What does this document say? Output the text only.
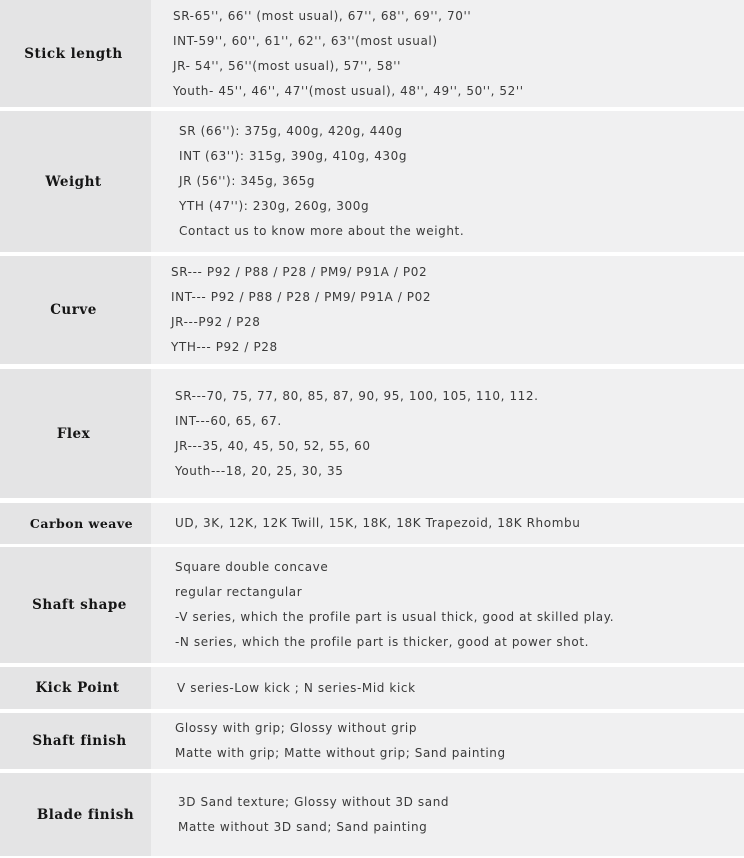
Stick length
SR-65'', 66'' (most usual), 67'', 68'', 69'', 70''
INT-59'', 60'', 61'', 62'', 63''(most usual)
JR- 54'', 56''(most usual), 57'', 58''
Youth- 45'', 46'', 47''(most usual), 48'', 49'', 50'', 52''
Weight
SR (66''): 375g, 400g, 420g, 440g
INT (63''): 315g, 390g, 410g, 430g
JR (56''): 345g, 365g
YTH (47''): 230g, 260g, 300g
Contact us to know more about the weight.
Curve
SR--- P92 / P88 / P28 / PM9/ P91A / P02
INT--- P92 / P88 / P28 / PM9/ P91A / P02
JR---P92 / P28
YTH--- P92 / P28
Flex
SR---70, 75, 77, 80, 85, 87, 90, 95, 100, 105, 110, 112.
INT---60, 65, 67.
JR---35, 40, 45, 50, 52, 55, 60
Youth---18, 20, 25, 30, 35
Carbon weave	UD, 3K, 12K, 12K Twill, 15K, 18K, 18K Trapezoid, 18K Rhombu
Shaft shape
Square double concave
regular rectangular
-V series, which the profile part is usual thick, good at skilled play.
-N series, which the profile part is thicker, good at power shot.
Kick Point	V series-Low kick ; N series-Mid kick
Shaft finish
Glossy with grip; Glossy without grip
Matte with grip; Matte without grip; Sand painting
Blade finish
3D Sand texture; Glossy without 3D sand
Matte without 3D sand; Sand painting
